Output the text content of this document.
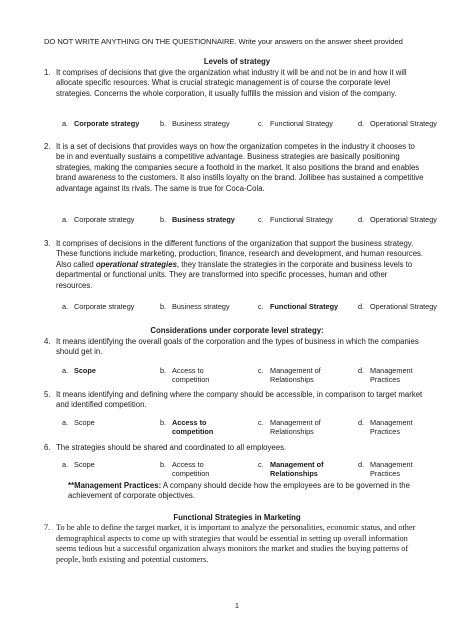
DO NOT WRITE ANYTHING ON THE QUESTIONNAIRE. Write your answers on the answer sheet provided
Levels of strategy
1. It comprises of decisions that give the organization what industry it will be and not be in and how it will allocate specific resources. What is crucial strategic management is of course the corporate level strategies. Concerns the whole corporation, it usually fulfills the mission and vision of the company.
a. Corporate strategy	b. Business strategy	c. Functional Strategy	d. Operational Strategy
2. It is a set of decisions that provides ways on how the organization competes in the industry it chooses to be in and eventually sustains a competitive advantage. Business strategies are basically positioning strategies, making the companies secure a foothold in the market. It also positions the brand and enables brand awareness to the customers. It also instills loyalty on the brand. Jollibee has sustained a competitive advantage against its rivals. The same is true for Coca-Cola.
a. Corporate strategy	b. Business strategy	c. Functional Strategy	d. Operational Strategy
3. It comprises of decisions in the different functions of the organization that support the business strategy. These functions include marketing, production, finance, research and development, and human resources. Also called operational strategies, they translate the strategies in the corporate and business levels to departmental or functional units. They are transformed into specific processes, human and other resources.
a. Corporate strategy	b. Business strategy	c. Functional Strategy	d. Operational Strategy
Considerations under corporate level strategy:
4. It means identifying the overall goals of the corporation and the types of business in which the companies should get in.
a. Scope	b. Access to competition
c. Management of Relationships
d. Management Practices
5. It means identifying and defining where the company should be accessible, in comparison to target market and identified competition.
a. Scope	b. Access to competition
c. Management of Relationships
d. Management Practices
6. The strategies should be shared and coordinated to all employees.
a. Scope	b. Access to competition
c. Management of Relationships
d. Management Practices
**Management Practices: A company should decide how the employees are to be governed in the achievement of corporate objectives.
Functional Strategies in Marketing
7. To be able to define the target market, it is important to analyze the personalities, economic status, and other demographical aspects to come up with strategies that would be essential in setting up overall information seems tedious but a successful organization always monitors the market and studies the buying patterns of people, both existing and potential customers.
1
